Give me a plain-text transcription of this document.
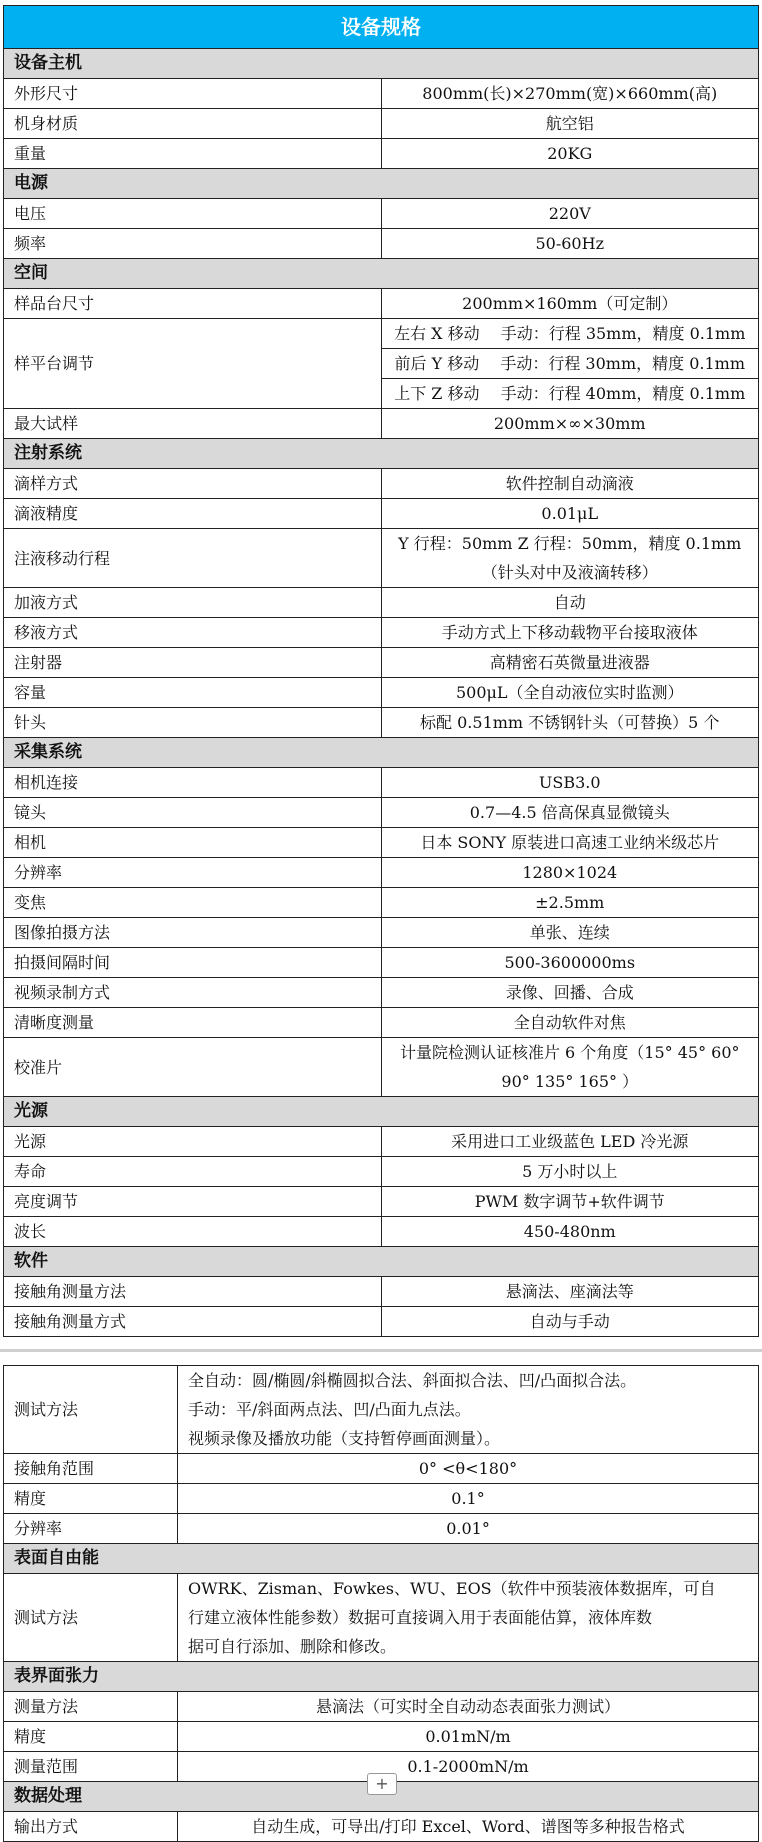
设备规格	
设备主机	
外形尺寸	800mm(长)×270mm(宽)×660mm(高)
机身材质	航空铝
重量	20KG
电源	
电压	220V
频率	50-60Hz
空间	
样品台尺寸	200mm×160mm（可定制）
样平台调节	左右 X 移动　 手动：行程 35mm，精度 0.1mm
前后 Y 移动　 手动：行程 30mm，精度 0.1mm
上下 Z 移动　 手动：行程 40mm，精度 0.1mm

最大试样	200mm×∞×30mm
注射系统	
滴样方式	软件控制自动滴液
滴液精度	0.01μL
注液移动行程	Y 行程：50mm Z 行程：50mm，精度 0.1mm（针头对中及液滴转移）
加液方式	自动
移液方式	手动方式上下移动载物平台接取液体
注射器	高精密石英微量进液器
容量	500μL（全自动液位实时监测）
针头	标配 0.51mm 不锈钢针头（可替换）5 个
采集系统	
相机连接	USB3.0
镜头	0.7—4.5 倍高保真显微镜头
相机	日本 SONY 原装进口高速工业纳米级芯片
分辨率	1280×1024
变焦	±2.5mm
图像拍摄方法	单张、连续
拍摄间隔时间	500-3600000ms
视频录制方式	录像、回播、合成
清晰度测量	全自动软件对焦
校准片	计量院检测认证核准片 6 个角度（15° 45° 60° 90° 135° 165° ）
光源	
光源	采用进口工业级蓝色 LED 冷光源
寿命	5 万小时以上
亮度调节	PWM 数字调节+软件调节
波长	450-480nm
软件	
接触角测量方法	悬滴法、座滴法等
接触角测量方式	自动与手动
测试方法	全自动：圆/椭圆/斜椭圆拟合法、斜面拟合法、凹/凸面拟合法。
手动：平/斜面两点法、凹/凸面九点法。
视频录像及播放功能（支持暂停画面测量）。

接触角范围	0° <θ<180°
精度	0.1°
分辨率	0.01°
表面自由能	
测试方法	OWRK、Zisman、Fowkes、WU、EOS（软件中预装液体数据库，可自
行建立液体性能参数）数据可直接调入用于表面能估算，液体库数
据可自行添加、删除和修改。

表界面张力	
测量方法	悬滴法（可实时全自动动态表面张力测试）
精度	0.01mN/m
测量范围	0.1-2000mN/m
数据处理	
输出方式	自动生成，可导出/打印 Excel、Word、谱图等多种报告格式
+
